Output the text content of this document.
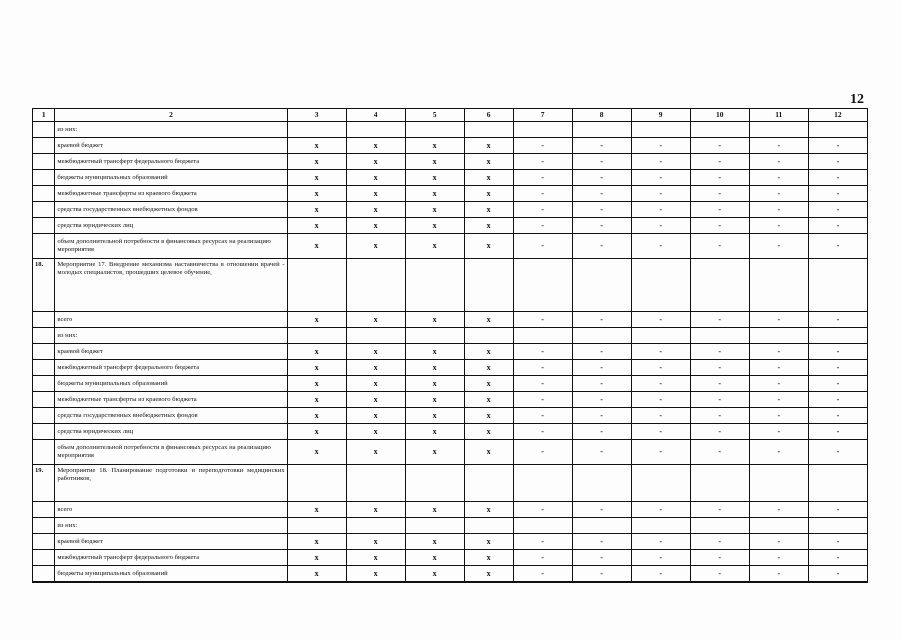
12
1	2	3	4	5	6	7	8	9	10	11	12
	из них:										
	краевой бюджет	x	x	x	x	-	-	-	-	-	-
	межбюджетный трансферт федерального бюджета	x	x	x	x	-	-	-	-	-	-
	бюджеты муниципальных образований	x	x	x	x	-	-	-	-	-	-
	межбюджетные трансферты из краевого бюджета	x	x	x	x	-	-	-	-	-	-
	средства государственных внебюджетных фондов	x	x	x	x	-	-	-	-	-	-
	средства юридических лиц	x	x	x	x	-	-	-	-	-	-
	объем дополнительной потребности в финансовых ресурсах на реализацию мероприятия	x	x	x	x	-	-	-	-	-	-
18.	Мероприятие 17. Внедрение механизма наставничества в отношении врачей - молодых специалистов, прошедших целевое обучение,										
	всего	x	x	x	x	-	-	-	-	-	-
	из них:										
	краевой бюджет	x	x	x	x	-	-	-	-	-	-
	межбюджетный трансферт федерального бюджета	x	x	x	x	-	-	-	-	-	-
	бюджеты муниципальных образований	x	x	x	x	-	-	-	-	-	-
	межбюджетные трансферты из краевого бюджета	x	x	x	x	-	-	-	-	-	-
	средства государственных внебюджетных фондов	x	x	x	x	-	-	-	-	-	-
	средства юридических лиц	x	x	x	x	-	-	-	-	-	-
	объем дополнительной потребности в финансовых ресурсах на реализацию мероприятия	x	x	x	x	-	-	-	-	-	-
19.	Мероприятие 18. Планирование подготовки и переподготовки медицинских работников,										
	всего	x	x	x	x	-	-	-	-	-	-
	из них:										
	краевой бюджет	x	x	x	x	-	-	-	-	-	-
	межбюджетный трансферт федерального бюджета	x	x	x	x	-	-	-	-	-	-
	бюджеты муниципальных образований	x	x	x	x	-	-	-	-	-	-
